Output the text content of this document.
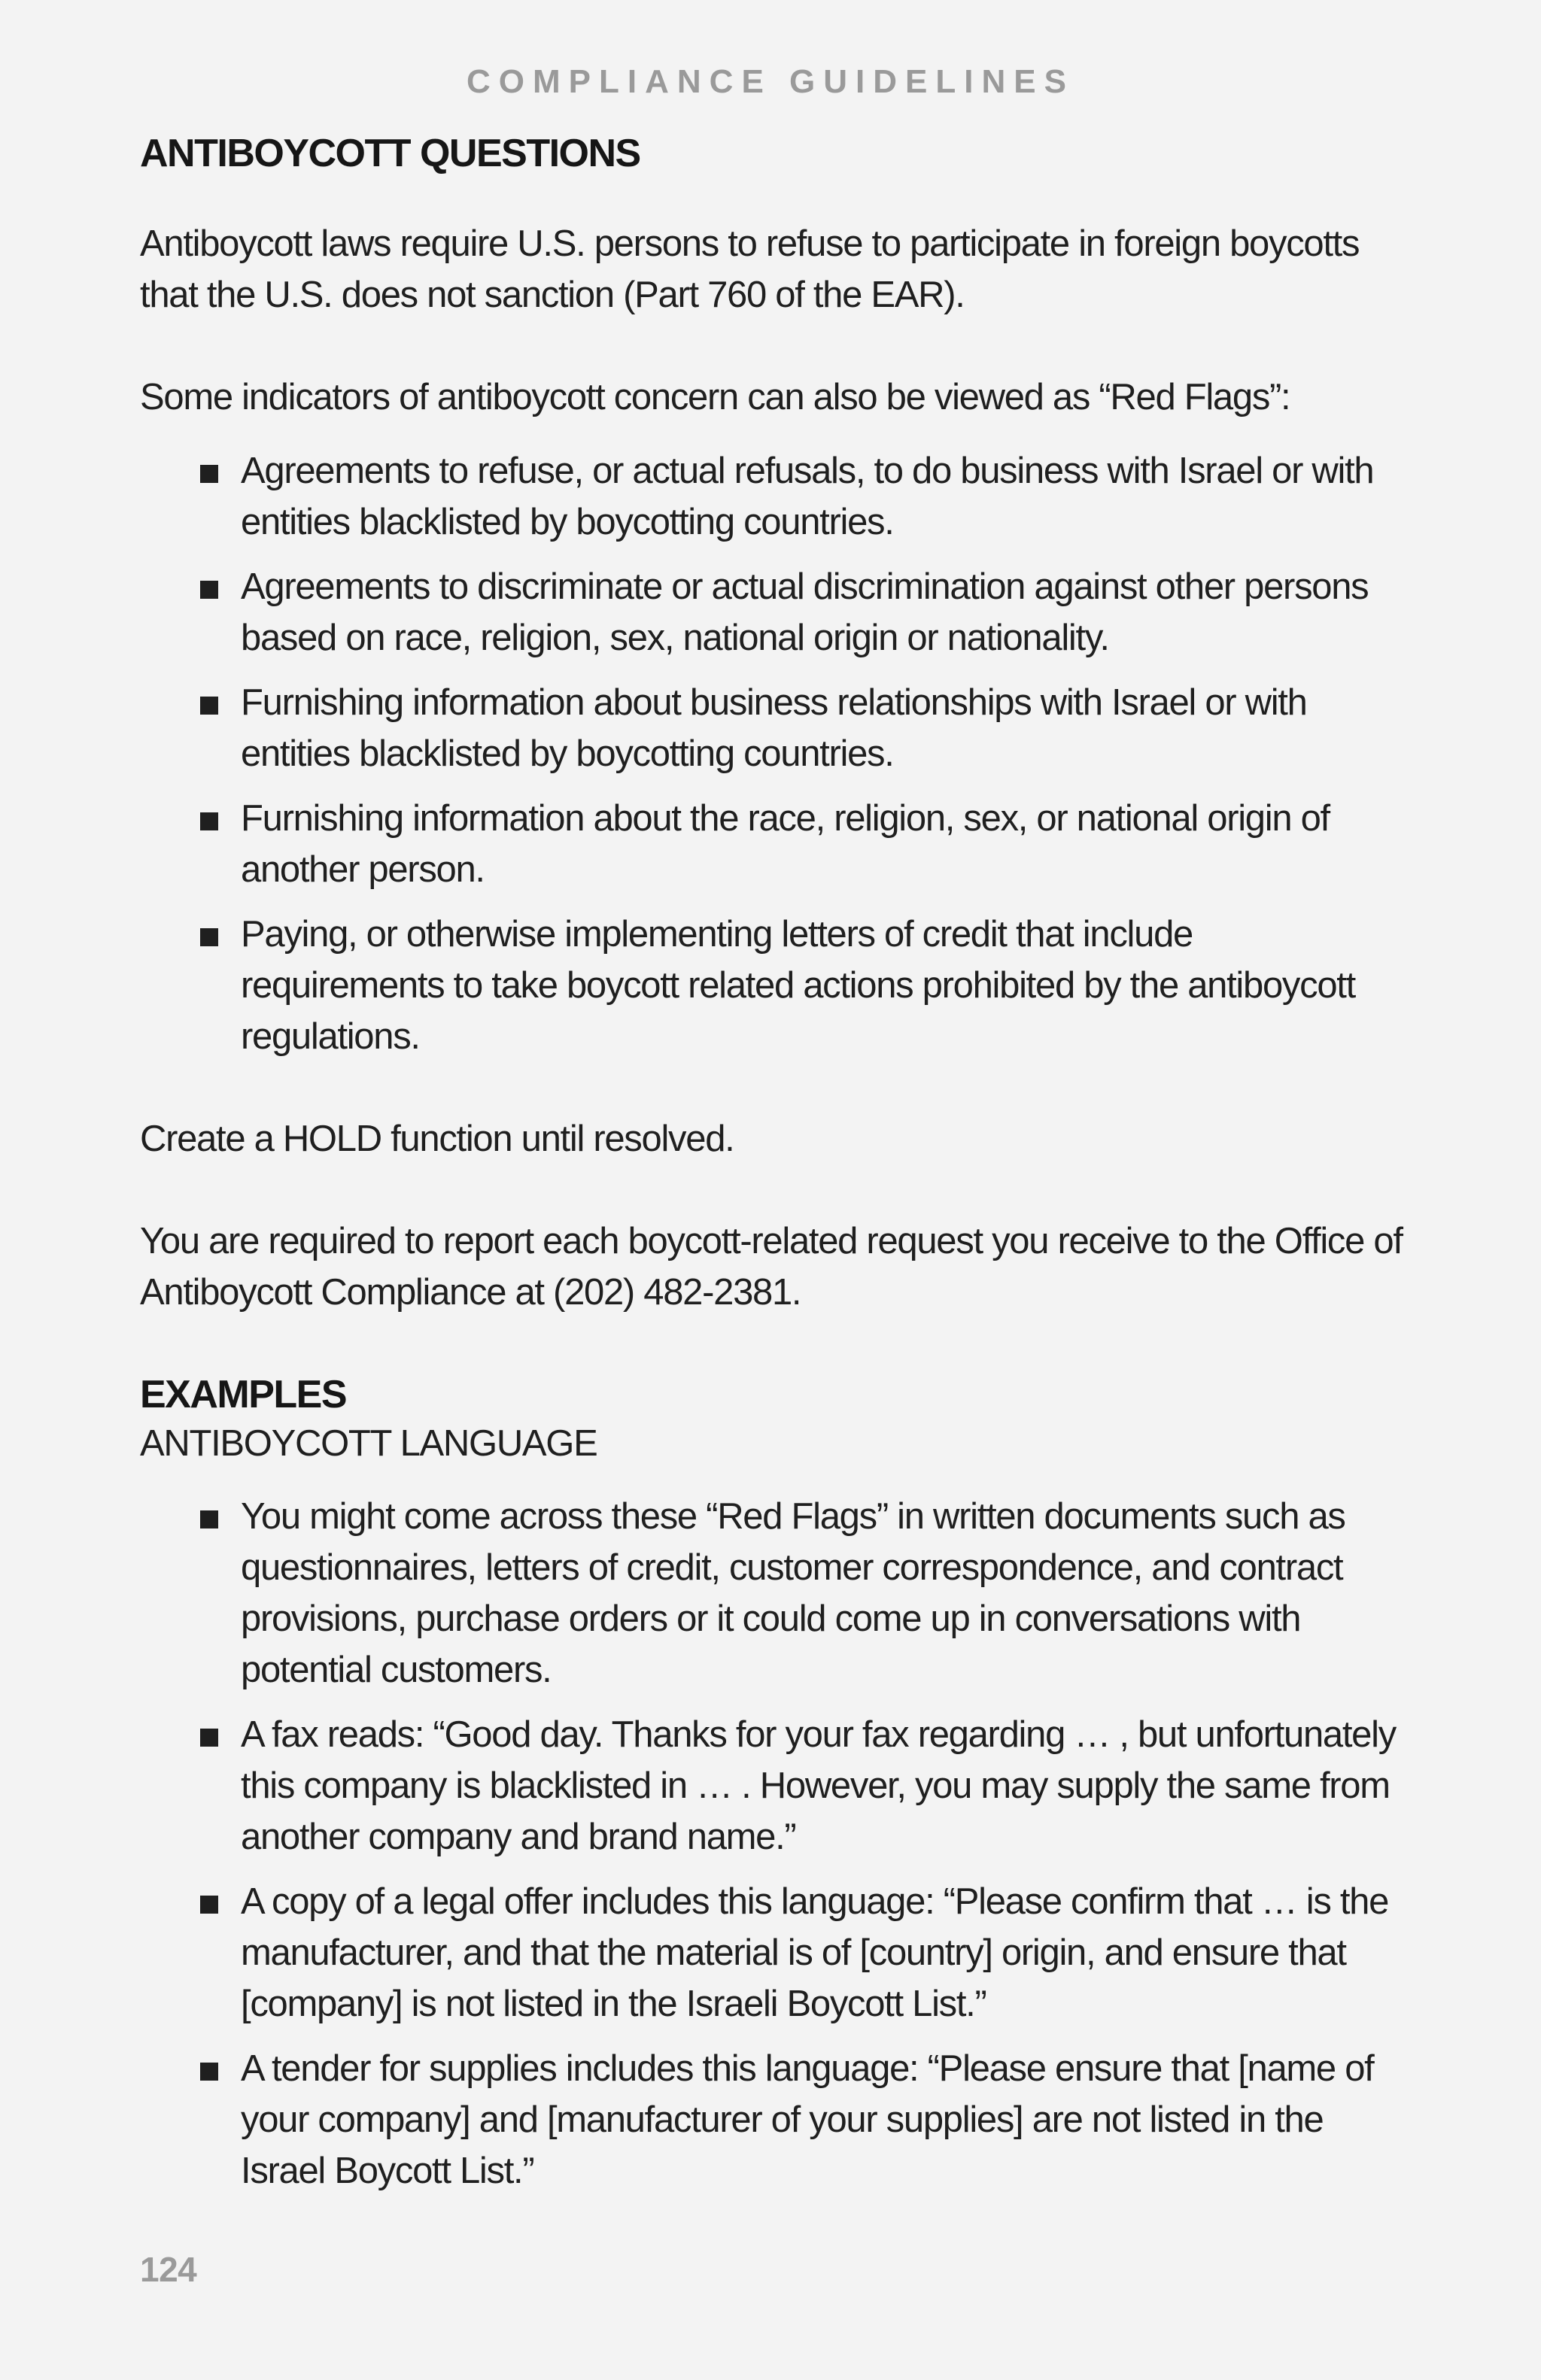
COMPLIANCE GUIDELINES

ANTIBOYCOTT QUESTIONS

Antiboycott laws require U.S. persons to refuse to participate in foreign boycotts that the U.S. does not sanction (Part 760 of the EAR).

Some indicators of antiboycott concern can also be viewed as “Red Flags”:

Agreements to refuse, or actual refusals, to do business with Israel or with entities blacklisted by boycotting countries.
Agreements to discriminate or actual discrimination against other persons based on race, religion, sex, national origin or nationality.
Furnishing information about business relationships with Israel or with entities blacklisted by boycotting countries.
Furnishing information about the race, religion, sex, or national origin of another person.
Paying, or otherwise implementing letters of credit that include requirements to take boycott related actions prohibited by the antiboycott regulations.

Create a HOLD function until resolved.

You are required to report each boycott-related request you receive to the Office of Antiboycott Compliance at (202) 482-2381.

EXAMPLES

ANTIBOYCOTT LANGUAGE

You might come across these “Red Flags” in written documents such as questionnaires, letters of credit, customer correspondence, and contract provisions, purchase orders or it could come up in conversations with potential customers.
A fax reads: “Good day. Thanks for your fax regarding … , but unfortunately this company is blacklisted in … . However, you may supply the same from another company and brand name.”
A copy of a legal offer includes this language: “Please confirm that … is the manufacturer, and that the material is of [country] origin, and ensure that [company] is not listed in the Israeli Boycott List.”
A tender for supplies includes this language: “Please ensure that [name of your company] and [manufacturer of your supplies] are not listed in the Israel Boycott List.”
124
